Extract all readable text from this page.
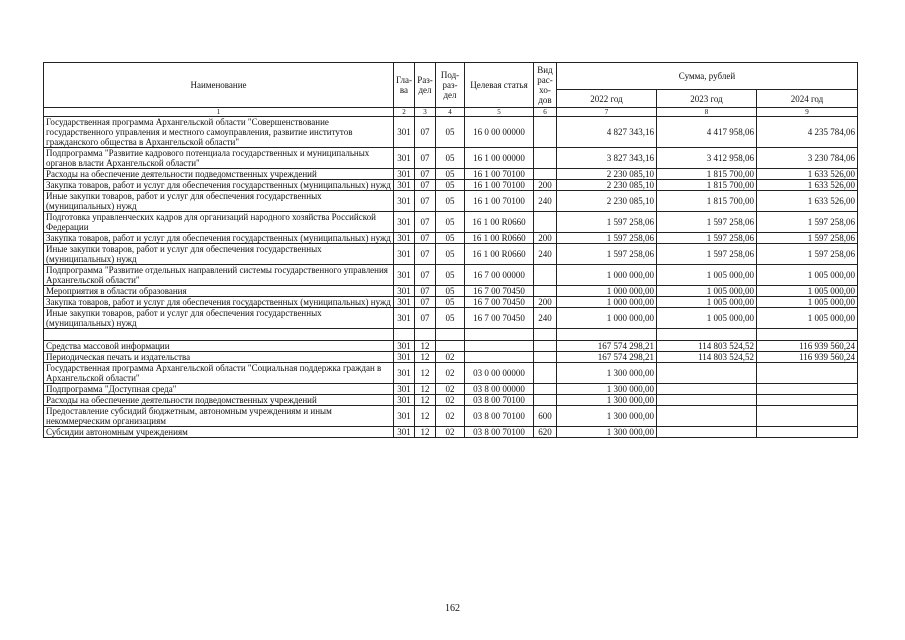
Наименование	Гла-ва	Раз-дел	Под-раз-дел	Целевая статья	Вид рас-хо-дов	Сумма, рублей		
						2022 год	2023 год	2024 год
1	2	3	4	5	6	7	8	9
Государственная программа Архангельской области "Совершенствование государственного управления и местного самоуправления, развитие институтов гражданского общества в Архангельской области"	301	07	05	16 0 00 00000		4 827 343,16	4 417 958,06	4 235 784,06
Подпрограмма "Развитие кадрового потенциала государственных и муниципальных органов власти Архангельской области"	301	07	05	16 1 00 00000		3 827 343,16	3 412 958,06	3 230 784,06
Расходы на обеспечение деятельности подведомственных учреждений	301	07	05	16 1 00 70100		2 230 085,10	1 815 700,00	1 633 526,00
Закупка товаров, работ и услуг для обеспечения государственных (муниципальных) нужд	301	07	05	16 1 00 70100	200	2 230 085,10	1 815 700,00	1 633 526,00
Иные закупки товаров, работ и услуг для обеспечения государственных (муниципальных) нужд	301	07	05	16 1 00 70100	240	2 230 085,10	1 815 700,00	1 633 526,00
Подготовка управленческих кадров для организаций народного хозяйства Российской Федерации	301	07	05	16 1 00 R0660		1 597 258,06	1 597 258,06	1 597 258,06
Закупка товаров, работ и услуг для обеспечения государственных (муниципальных) нужд	301	07	05	16 1 00 R0660	200	1 597 258,06	1 597 258,06	1 597 258,06
Иные закупки товаров, работ и услуг для обеспечения государственных (муниципальных) нужд	301	07	05	16 1 00 R0660	240	1 597 258,06	1 597 258,06	1 597 258,06
Подпрограмма "Развитие отдельных направлений системы государственного управления Архангельской области"	301	07	05	16 7 00 00000		1 000 000,00	1 005 000,00	1 005 000,00
Мероприятия в области образования	301	07	05	16 7 00 70450		1 000 000,00	1 005 000,00	1 005 000,00
Закупка товаров, работ и услуг для обеспечения государственных (муниципальных) нужд	301	07	05	16 7 00 70450	200	1 000 000,00	1 005 000,00	1 005 000,00
Иные закупки товаров, работ и услуг для обеспечения государственных (муниципальных) нужд	301	07	05	16 7 00 70450	240	1 000 000,00	1 005 000,00	1 005 000,00

Средства массовой информации	301	12				167 574 298,21	114 803 524,52	116 939 560,24
Периодическая печать и издательства	301	12	02			167 574 298,21	114 803 524,52	116 939 560,24
Государственная программа Архангельской области "Социальная поддержка граждан в Архангельской области"	301	12	02	03 0 00 00000		1 300 000,00		
Подпрограмма "Доступная среда"	301	12	02	03 8 00 00000		1 300 000,00		
Расходы на обеспечение деятельности подведомственных учреждений	301	12	02	03 8 00 70100		1 300 000,00		
Предоставление субсидий бюджетным, автономным учреждениям и иным некоммерческим организациям	301	12	02	03 8 00 70100	600	1 300 000,00		
Субсидии автономным учреждениям	301	12	02	03 8 00 70100	620	1 300 000,00		
162
